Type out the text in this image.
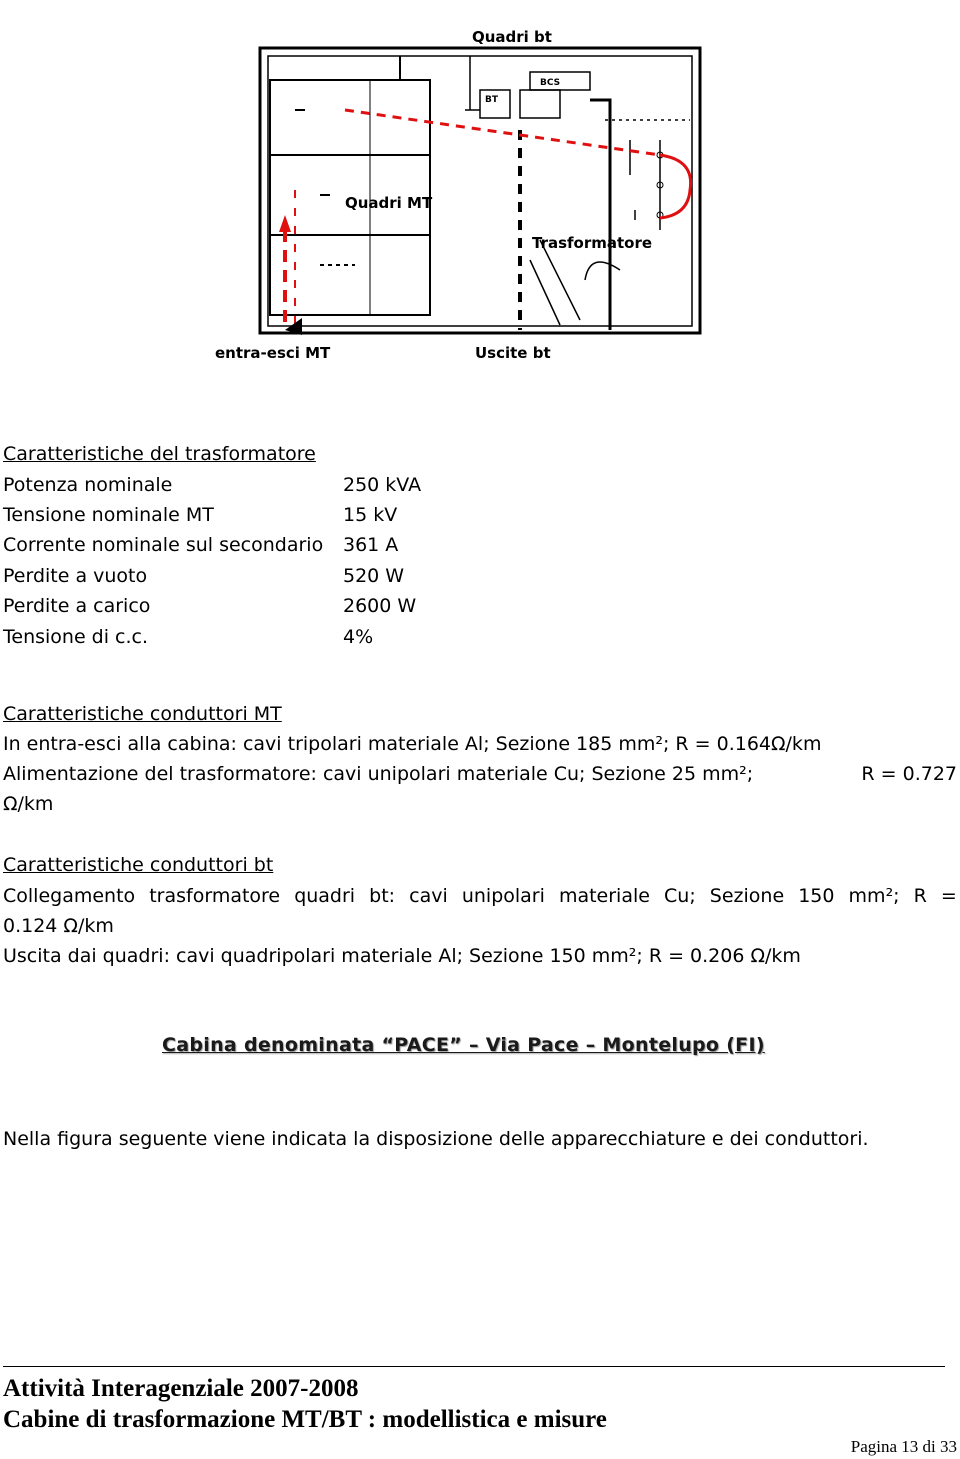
BT
BCS
Quadri bt
Quadri MT
Trasformatore
entra-esci MT	Uscite bt
Caratteristiche del trasformatore
Potenza nominale	250 kVA
Tensione nominale MT	15 kV
Corrente nominale sul secondario 361 A
Perdite a vuoto	520 W
Perdite a carico	2600 W
Tensione di c.c.	4%
Caratteristiche conduttori MT
In entra-esci alla cabina: cavi tripolari materiale Al; Sezione 185 mm²; R = 0.164Ω/km
Alimentazione del trasformatore: cavi unipolari materiale Cu; Sezione 25 mm²;	R = 0.727
Ω/km
Caratteristiche conduttori bt
Collegamento trasformatore quadri bt: cavi unipolari materiale Cu; Sezione 150 mm²; R =
0.124 Ω/km
Uscita dai quadri: cavi quadripolari materiale Al; Sezione 150 mm²; R = 0.206 Ω/km
Cabina denominata “PACE” – Via Pace – Montelupo (FI)
Nella figura seguente viene indicata la disposizione delle apparecchiature e dei conduttori.
Attività Interagenziale 2007-2008
Cabine di trasformazione MT/BT : modellistica e misure
Pagina 13 di 33
